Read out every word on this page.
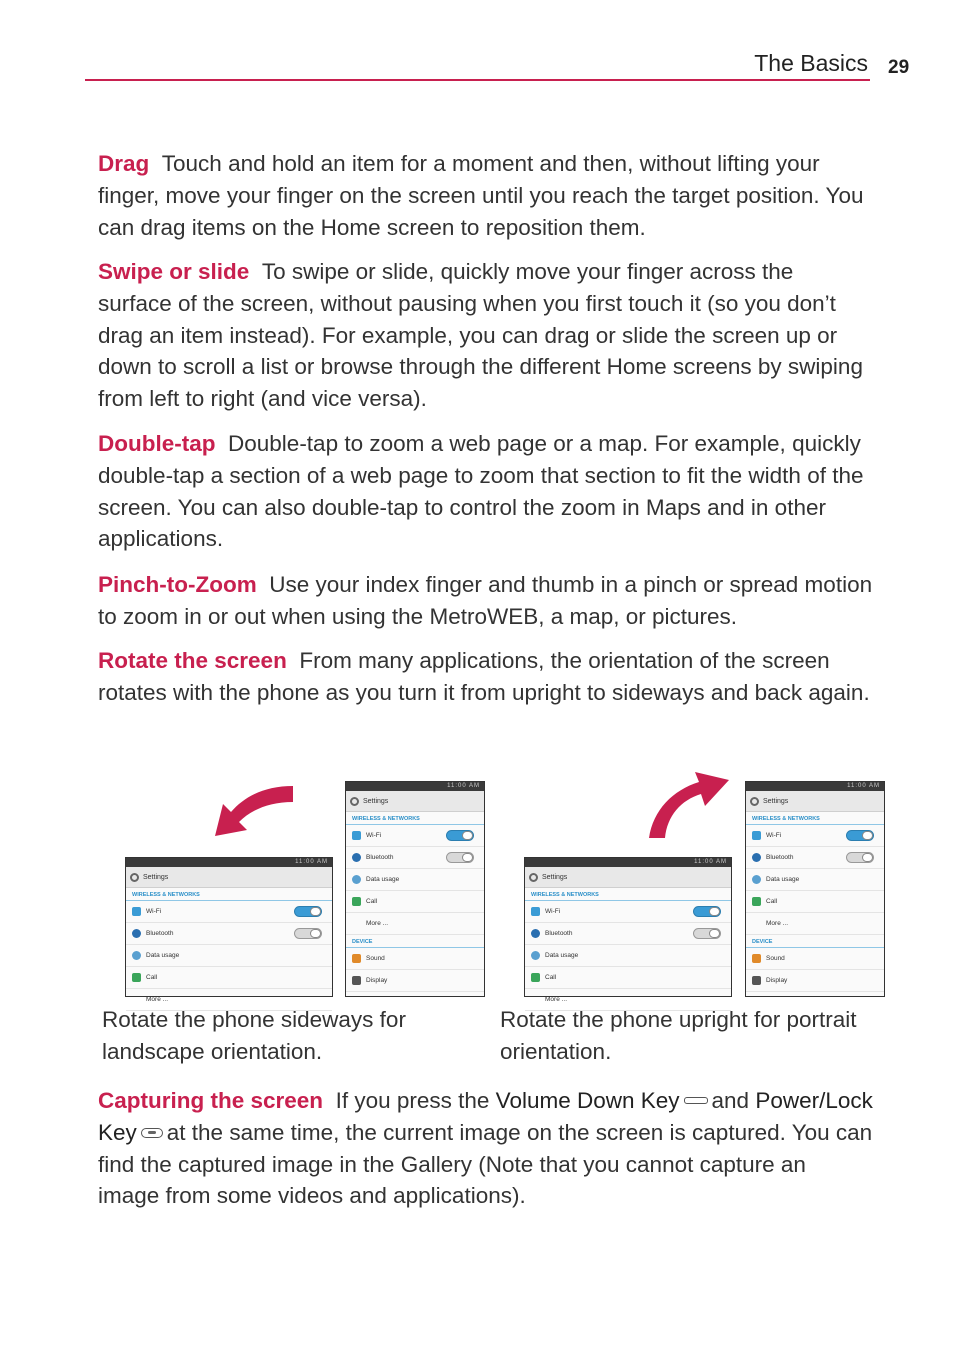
The Basics 29

Drag Touch and hold an item for a moment and then, without lifting your finger, move your finger on the screen until you reach the target position. You can drag items on the Home screen to reposition them.

Swipe or slide To swipe or slide, quickly move your finger across the surface of the screen, without pausing when you first touch it (so you don’t drag an item instead). For example, you can drag or slide the screen up or down to scroll a list or browse through the different Home screens by swiping from left to right (and vice versa).

Double-tap Double-tap to zoom a web page or a map. For example, quickly double-tap a section of a web page to zoom that section to fit the width of the screen. You can also double-tap to control the zoom in Maps and in other applications.

Pinch-to-Zoom Use your index finger and thumb in a pinch or spread motion to zoom in or out when using the MetroWEB, a map, or pictures.

Rotate the screen From many applications, the orientation of the screen rotates with the phone as you turn it from upright to sideways and back again.

11:00 AM
Settings
WIRELESS & NETWORKS
Wi-Fi
Bluetooth
Data usage
Call
More ...
11:00 AM
Settings
WIRELESS & NETWORKS
Wi-Fi
Bluetooth
Data usage
Call
More ...
DEVICE
Sound
Display
11:00 AM
Settings
WIRELESS & NETWORKS
Wi-Fi
Bluetooth
Data usage
Call
More ...
11:00 AM
Settings
WIRELESS & NETWORKS
Wi-Fi
Bluetooth
Data usage
Call
More ...
DEVICE
Sound
Display
Rotate the phone sideways for landscape orientation.
Rotate the phone upright for portrait orientation.

Capturing the screen If you press the Volume Down Key and Power/Lock Key at the same time, the current image on the screen is captured. You can find the captured image in the Gallery (Note that you cannot capture an image from some videos and applications).
